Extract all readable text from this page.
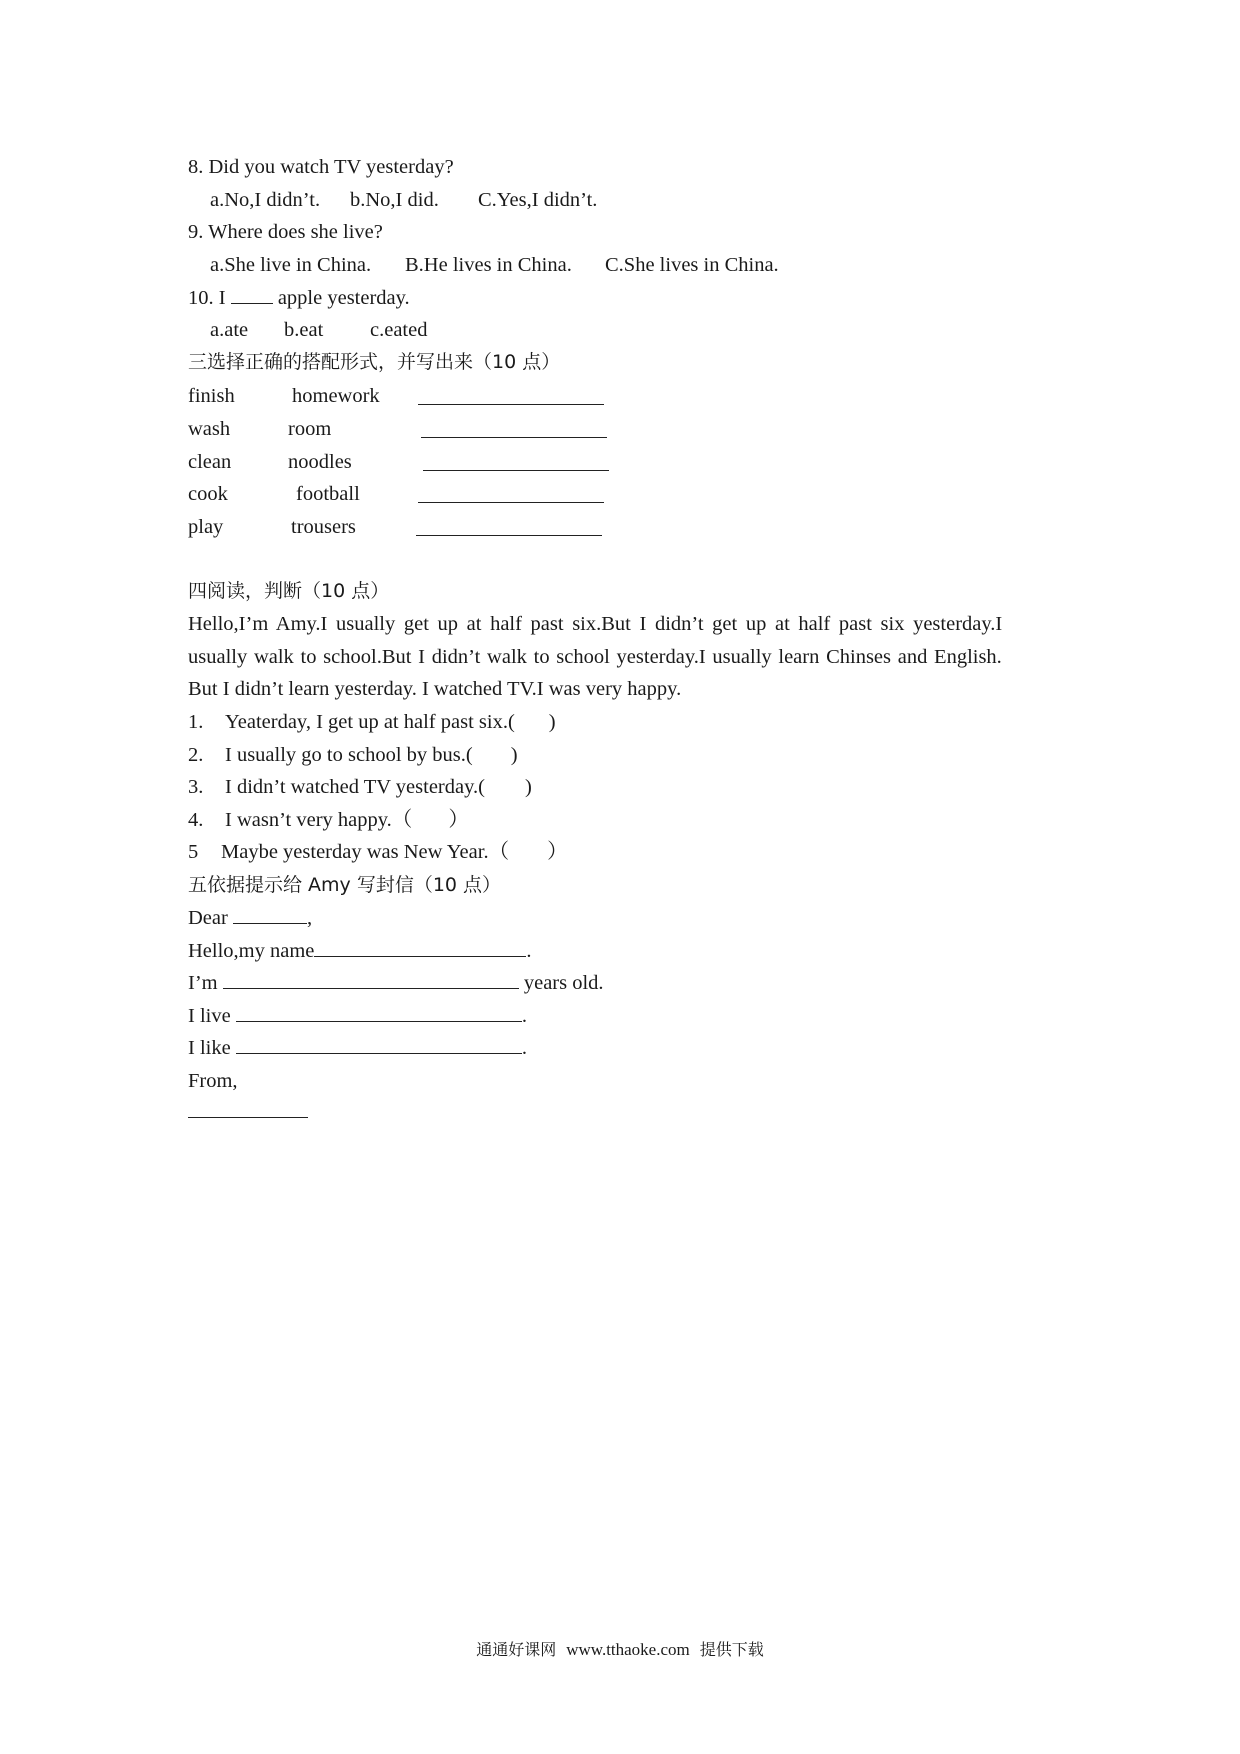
8. Did you watch TV yesterday?
a.No,I didn’t. b.No,I did. C.Yes,I didn’t.
9. Where does she live?
a.She live in China. B.He lives in China. C.She lives in China.
10. I  apple yesterday.
a.ate b.eat c.eated
三选择正确的搭配形式，并写出来（10 点）
finish	homework
wash	room
clean	noodles
cook	football
play	trousers
四阅读，判断（10 点）
Hello,I’m Amy.I usually get up at half past six.But I didn’t get up at half past six yesterday.I
usually walk to school.But I didn’t walk to school yesterday.I usually learn Chinses and English.
But I didn’t learn yesterday. I watched TV.I was very happy.
1. Yeaterday, I get up at half past six.( )
2. I usually go to school by bus.( )
3. I didn’t watched TV yesterday.( )
4. I wasn’t very happy.（ ）
5 Maybe yesterday was New Year.（ ）
五依据提示给 Amy 写封信（10 点）
Dear	,
Hello,my name	.
I’m	years old.
I live	.
I like	.
From,
通通好课网 www.tthaoke.com 提供下载
